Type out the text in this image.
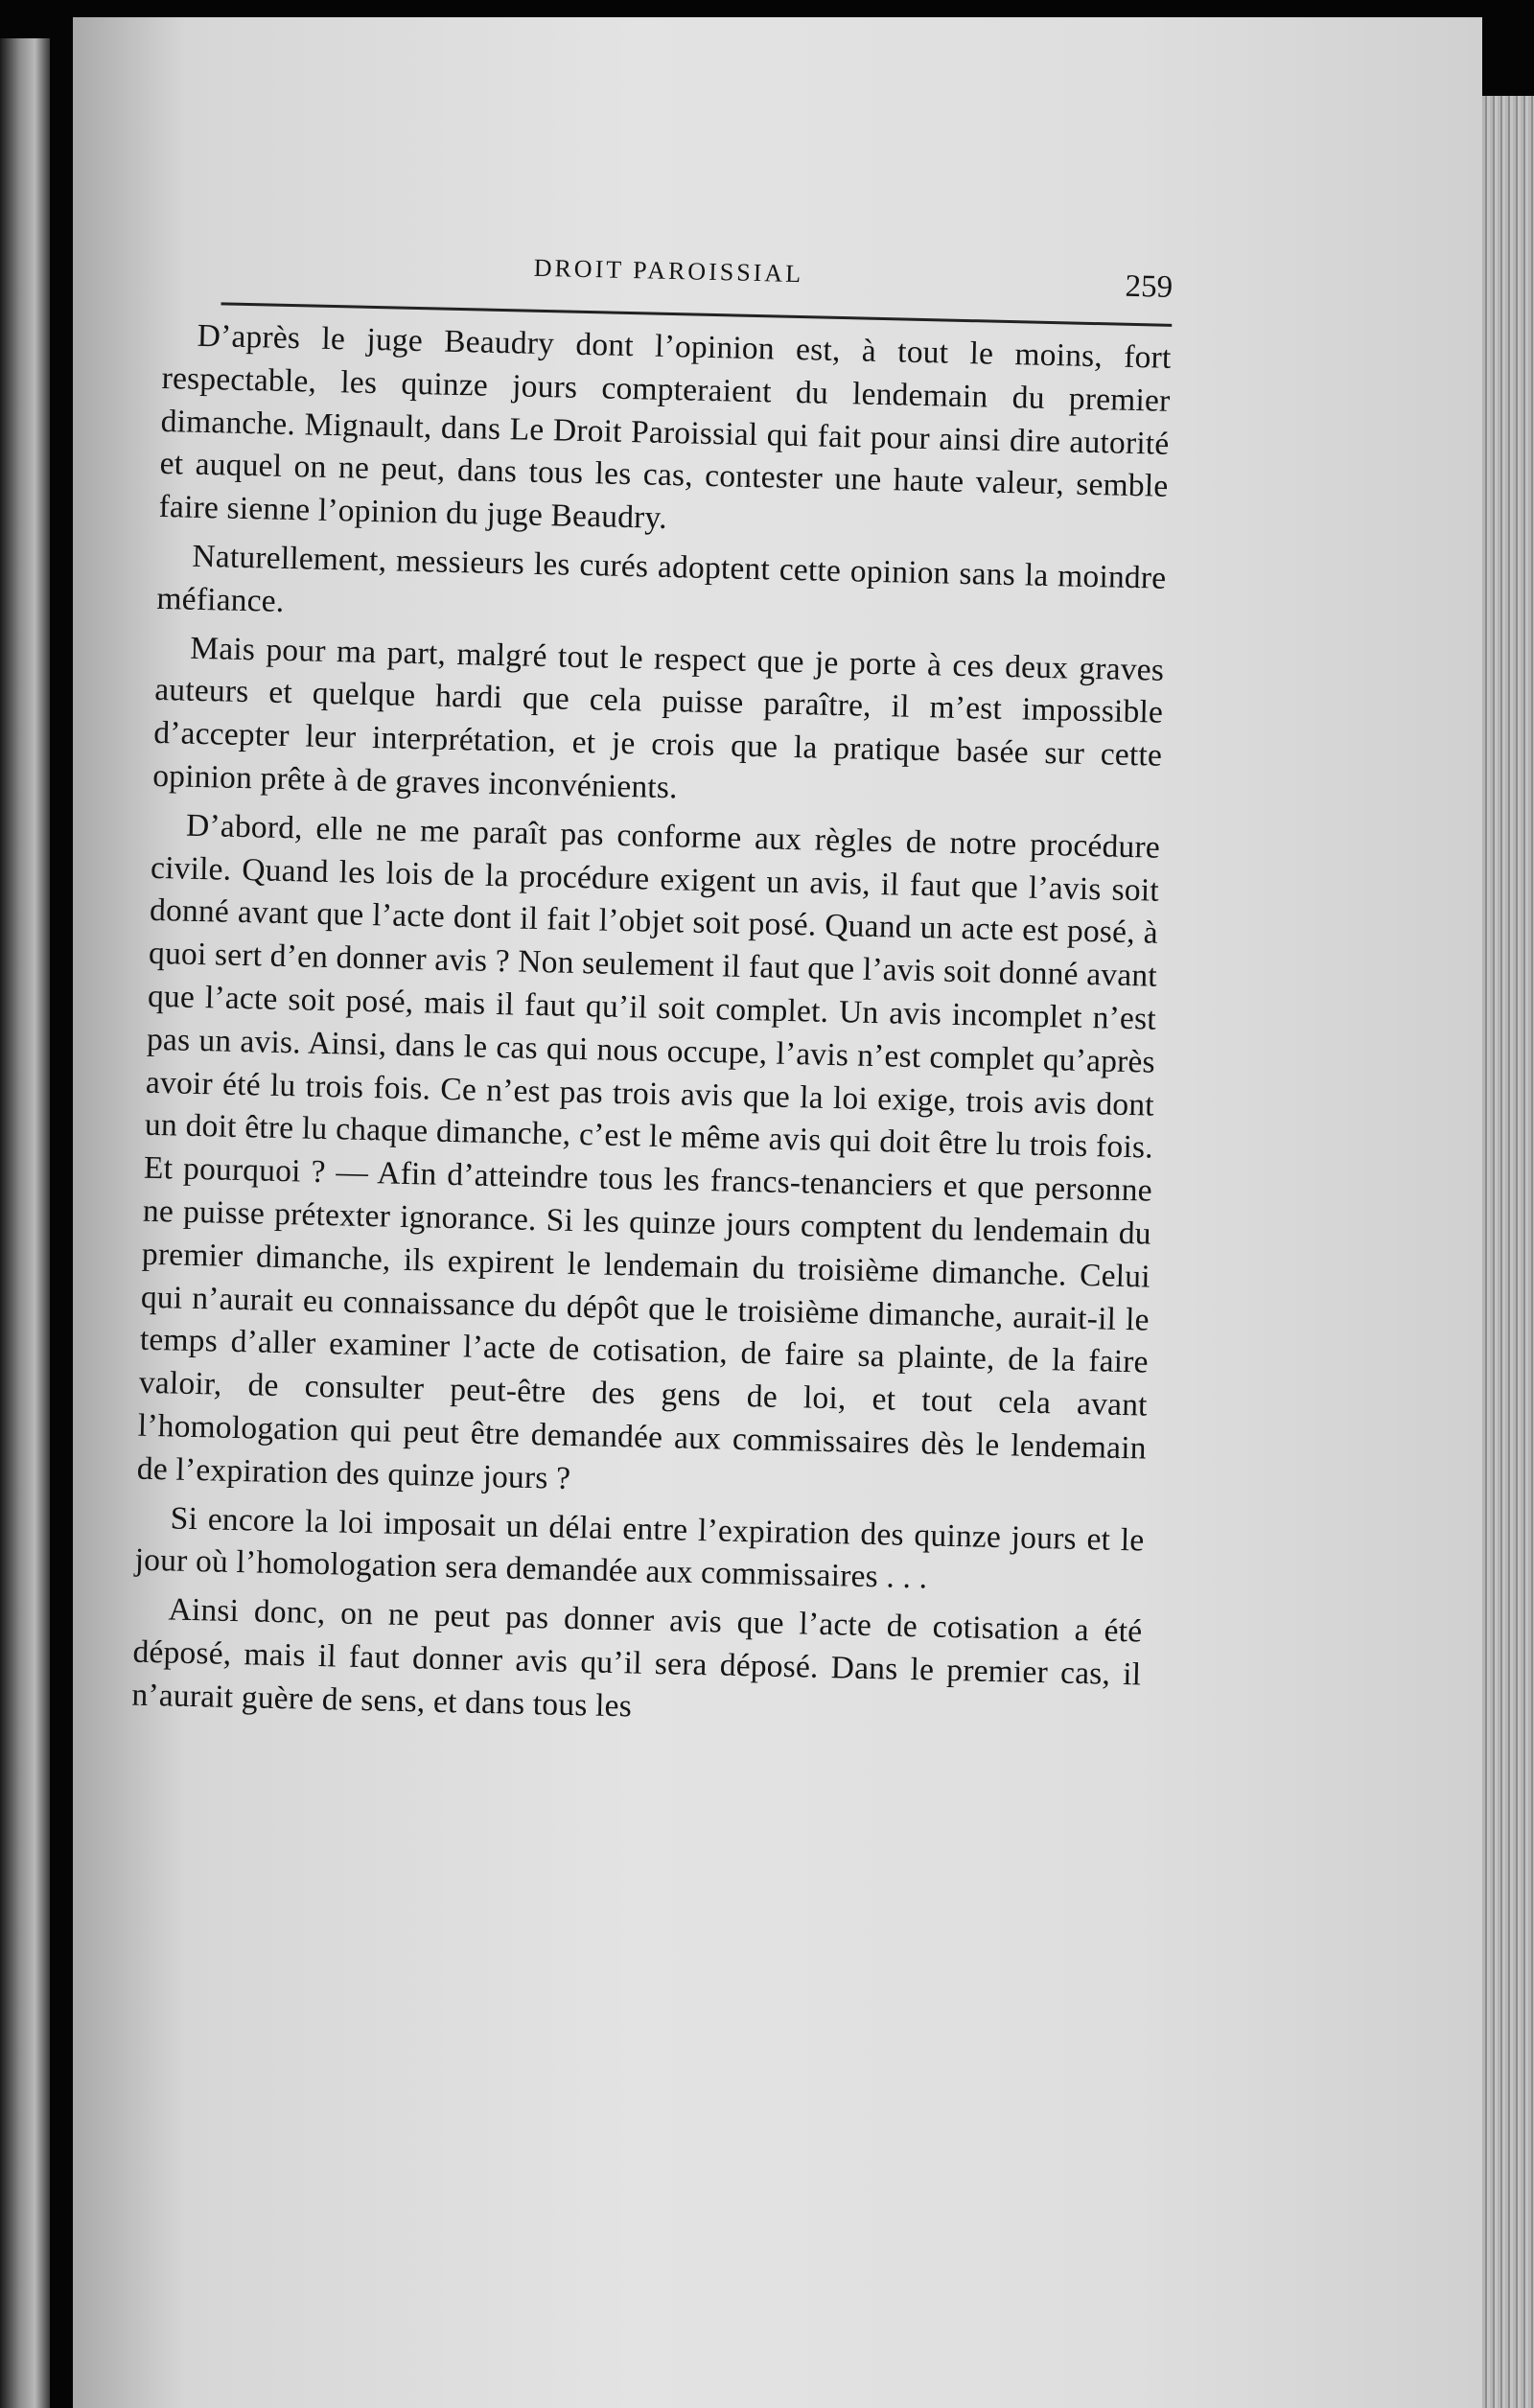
DROIT PAROISSIAL	259

D’après le juge Beaudry dont l’opinion est, à tout le moins, fort respectable, les quinze jours compteraient du lendemain du premier dimanche. Mignault, dans Le Droit Paroissial qui fait pour ainsi dire autorité et auquel on ne peut, dans tous les cas, contester une haute valeur, semble faire sienne l’opinion du juge Beaudry.

Naturellement, messieurs les curés adoptent cette opinion sans la moindre méfiance.

Mais pour ma part, malgré tout le respect que je porte à ces deux graves auteurs et quelque hardi que cela puisse paraître, il m’est impossible d’accepter leur interprétation, et je crois que la pratique basée sur cette opinion prête à de graves inconvénients.

D’abord, elle ne me paraît pas conforme aux règles de notre procédure civile. Quand les lois de la procédure exigent un avis, il faut que l’avis soit donné avant que l’acte dont il fait l’objet soit posé. Quand un acte est posé, à quoi sert d’en donner avis ? Non seulement il faut que l’avis soit donné avant que l’acte soit posé, mais il faut qu’il soit complet. Un avis incomplet n’est pas un avis. Ainsi, dans le cas qui nous occupe, l’avis n’est complet qu’après avoir été lu trois fois. Ce n’est pas trois avis que la loi exige, trois avis dont un doit être lu chaque dimanche, c’est le même avis qui doit être lu trois fois. Et pourquoi ? — Afin d’atteindre tous les francs-tenanciers et que personne ne puisse prétexter ignorance. Si les quinze jours comptent du lendemain du premier dimanche, ils expirent le lendemain du troisième dimanche. Celui qui n’aurait eu connaissance du dépôt que le troisième dimanche, aurait-il le temps d’aller examiner l’acte de cotisation, de faire sa plainte, de la faire valoir, de consulter peut-être des gens de loi, et tout cela avant l’homologation qui peut être demandée aux commissaires dès le lendemain de l’expiration des quinze jours ?

Si encore la loi imposait un délai entre l’expiration des quinze jours et le jour où l’homologation sera demandée aux commissaires . . .

Ainsi donc, on ne peut pas donner avis que l’acte de cotisation a été déposé, mais il faut donner avis qu’il sera déposé. Dans le premier cas, il n’aurait guère de sens, et dans tous les
